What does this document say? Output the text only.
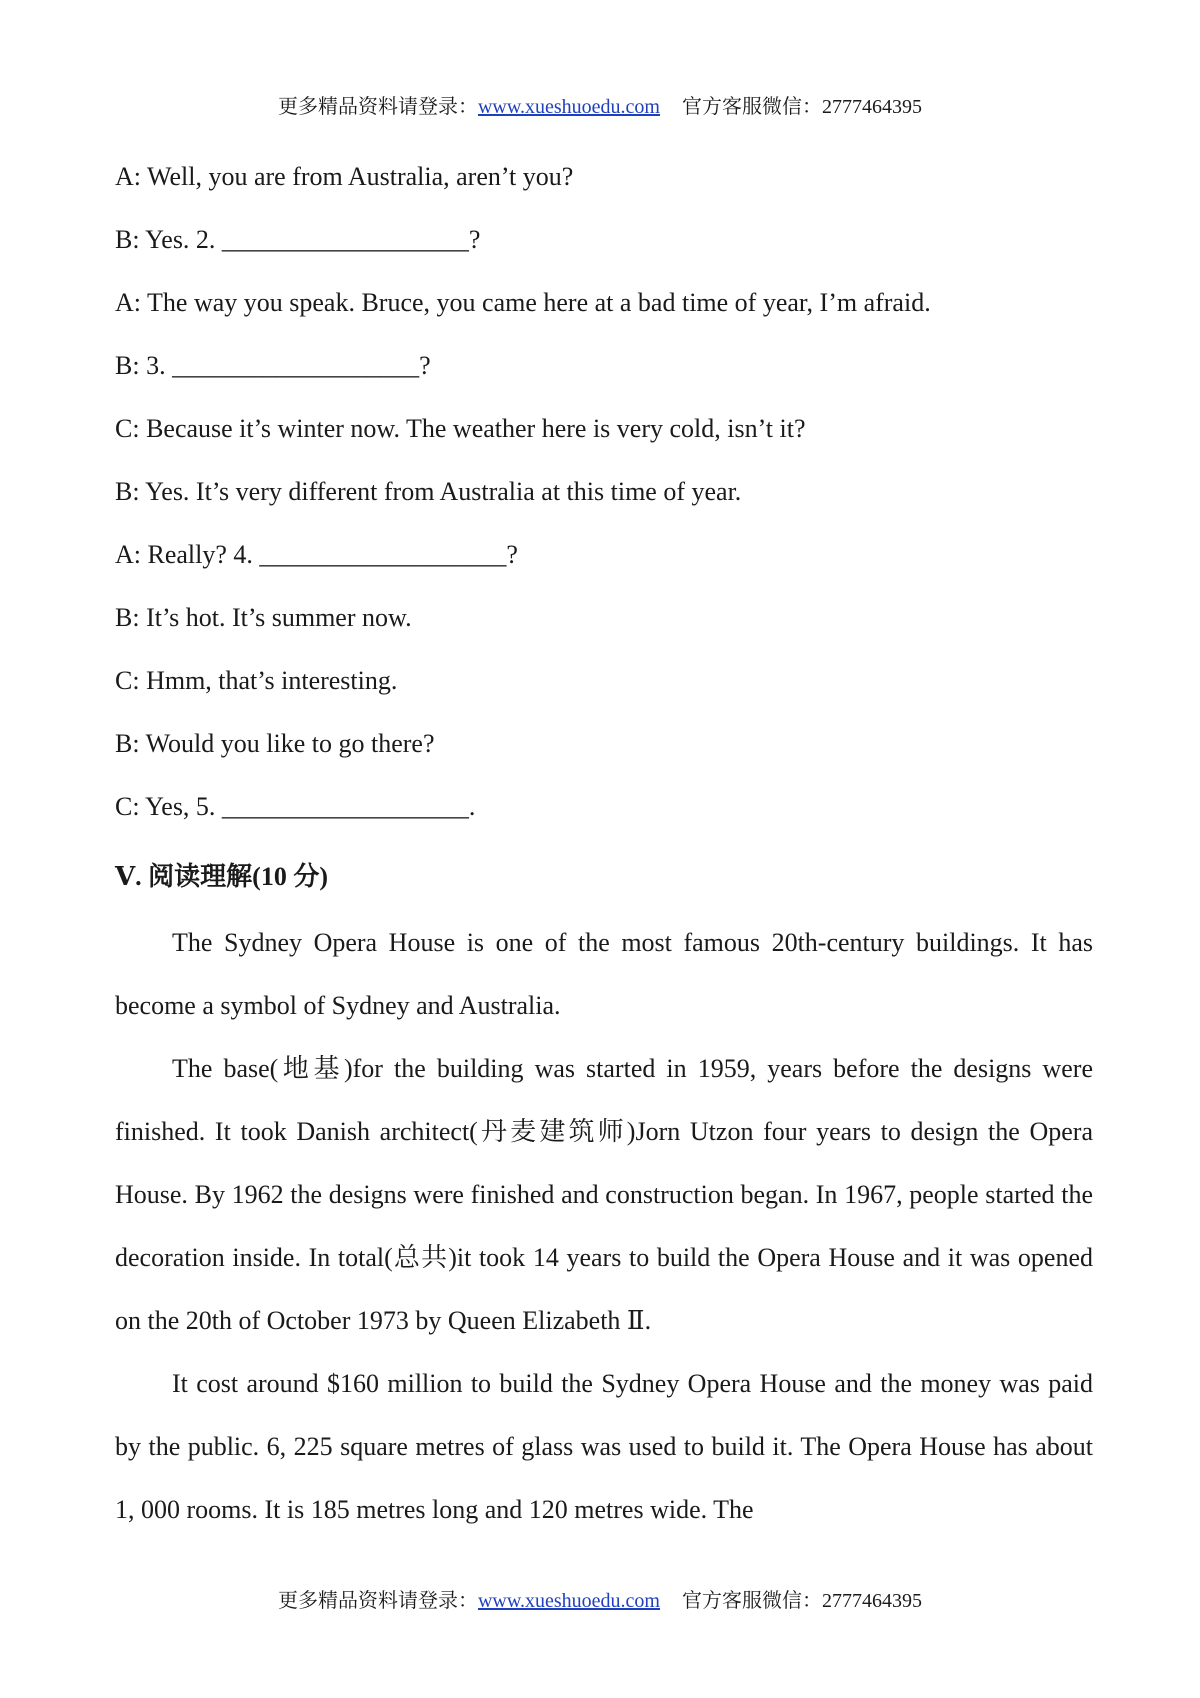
更多精品资料请登录：www.xueshuoedu.com 官方客服微信：2777464395
A: Well, you are from Australia, aren’t you?
B: Yes. 2. ___________________?
A: The way you speak. Bruce, you came here at a bad time of year, I’m afraid.
B: 3. ___________________?
C: Because it’s winter now. The weather here is very cold, isn’t it?
B: Yes. It’s very different from Australia at this time of year.
A: Really? 4. ___________________?
B: It’s hot. It’s summer now.
C: Hmm, that’s interesting.
B: Would you like to go there?
C: Yes, 5. ___________________.
Ⅴ. 阅读理解(10 分)

The Sydney Opera House is one of the most famous 20th-century buildings. It has become a symbol of Sydney and Australia.

The base(地基)for the building was started in 1959, years before the designs were finished. It took Danish architect(丹麦建筑师)Jorn Utzon four years to design the Opera House. By 1962 the designs were finished and construction began. In 1967, people started the decoration inside. In total(总共)it took 14 years to build the Opera House and it was opened on the 20th of October 1973 by Queen Elizabeth Ⅱ.

It cost around $160 million to build the Sydney Opera House and the money was paid by the public. 6, 225 square metres of glass was used to build it. The Opera House has about 1, 000 rooms. It is 185 metres long and 120 metres wide. The

更多精品资料请登录：www.xueshuoedu.com 官方客服微信：2777464395
